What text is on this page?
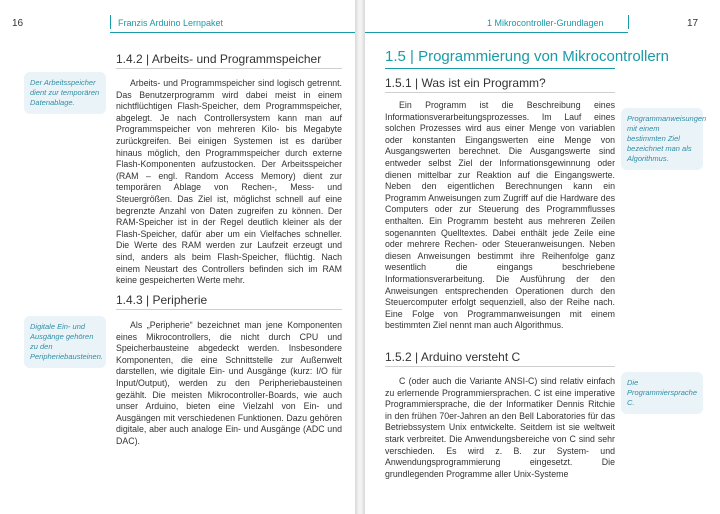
16	Franzis Arduino Lernpaket
Der Arbeitsspeicher dient zur temporären Datenablage.
Digitale Ein- und Ausgänge gehören zu den Peripheriebausteinen.
1.4.2 | Arbeits- und Programmspeicher

Arbeits- und Programmspeicher sind logisch getrennt. Das Benutzerprogramm wird dabei meist in einem nichtflüchtigen Flash-Speicher, dem Programmspeicher, abgelegt. Je nach Controllersystem kann man auf Programmspeicher von mehreren Kilo- bis Megabyte zurückgreifen. Bei einigen Systemen ist es darüber hinaus möglich, den Programmspeicher durch externe Flash-Komponenten aufzustocken. Der Arbeitsspeicher (RAM – engl. Random Access Memory) dient zur temporären Ablage von Rechen-, Mess- und Steuergrößen. Das Ziel ist, möglichst schnell auf eine begrenzte Anzahl von Daten zugreifen zu können. Der RAM-Speicher ist in der Regel deutlich kleiner als der Flash-Speicher, dafür aber um ein Vielfaches schneller. Die Werte des RAM werden zur Laufzeit erzeugt und sind, anders als beim Flash-Speicher, flüchtig. Nach einem Neustart des Controllers befinden sich im RAM keine gespeicherten Werte mehr.

1.4.3 | Peripherie

Als „Peripherie“ bezeichnet man jene Komponenten eines Mikrocontrollers, die nicht durch CPU und Speicherbausteine abgedeckt werden. Insbesondere Komponenten, die eine Schnittstelle zur Außenwelt darstellen, wie digitale Ein- und Ausgänge (kurz: I/O für Input/Output), werden zu den Peripheriebausteinen gezählt. Die meisten Mikrocontroller-Boards, wie auch unser Arduino, bieten eine Vielzahl von Ein- und Ausgängen mit verschiedenen Funktionen. Dazu gehören digitale, aber auch analoge Ein- und Ausgänge (ADC und DAC).

1 Mikrocontroller-Grundlagen	17
1.5 | Programmierung von Mikrocontrollern
1.5.1 | Was ist ein Programm?

Ein Programm ist die Beschreibung eines Informationsverarbeitungsprozesses. Im Lauf eines solchen Prozesses wird aus einer Menge von variablen oder konstanten Eingangswerten eine Menge von Ausgangswerten berechnet. Die Ausgangswerte sind entweder selbst Ziel der Informationsgewinnung oder dienen mittelbar zur Reaktion auf die Eingangswerte. Neben den eigentlichen Berechnungen kann ein Programm Anweisungen zum Zugriff auf die Hardware des Computers oder zur Steuerung des Programmflusses enthalten. Ein Programm besteht aus mehreren Zeilen sogenannten Quelltextes. Dabei enthält jede Zeile eine oder mehrere Rechen- oder Steueranweisungen. Neben diesen Anweisungen bestimmt ihre Reihenfolge ganz wesentlich die eingangs beschriebene Informationsverarbeitung. Die Ausführung der den Anweisungen entsprechenden Operationen durch den Steuercomputer erfolgt sequenziell, also der Reihe nach. Eine Folge von Programmanweisungen mit einem bestimmten Ziel nennt man auch Algorithmus.

1.5.2 | Arduino versteht C

C (oder auch die Variante ANSI-C) sind relativ einfach zu erlernende Programmiersprachen. C ist eine imperative Programmiersprache, die der Informatiker Dennis Ritchie in den frühen 70er-Jahren an den Bell Laboratories für das Betriebssystem Unix entwickelte. Seitdem ist sie weltweit stark verbreitet. Die Anwendungsbereiche von C sind sehr verschieden. Es wird z. B. zur System- und Anwendungsprogrammierung eingesetzt. Die grundlegenden Programme aller Unix-Systeme

Programmanweisungen mit einem bestimmten Ziel bezeichnet man als Algorithmus.
Die Programmiersprache C.
